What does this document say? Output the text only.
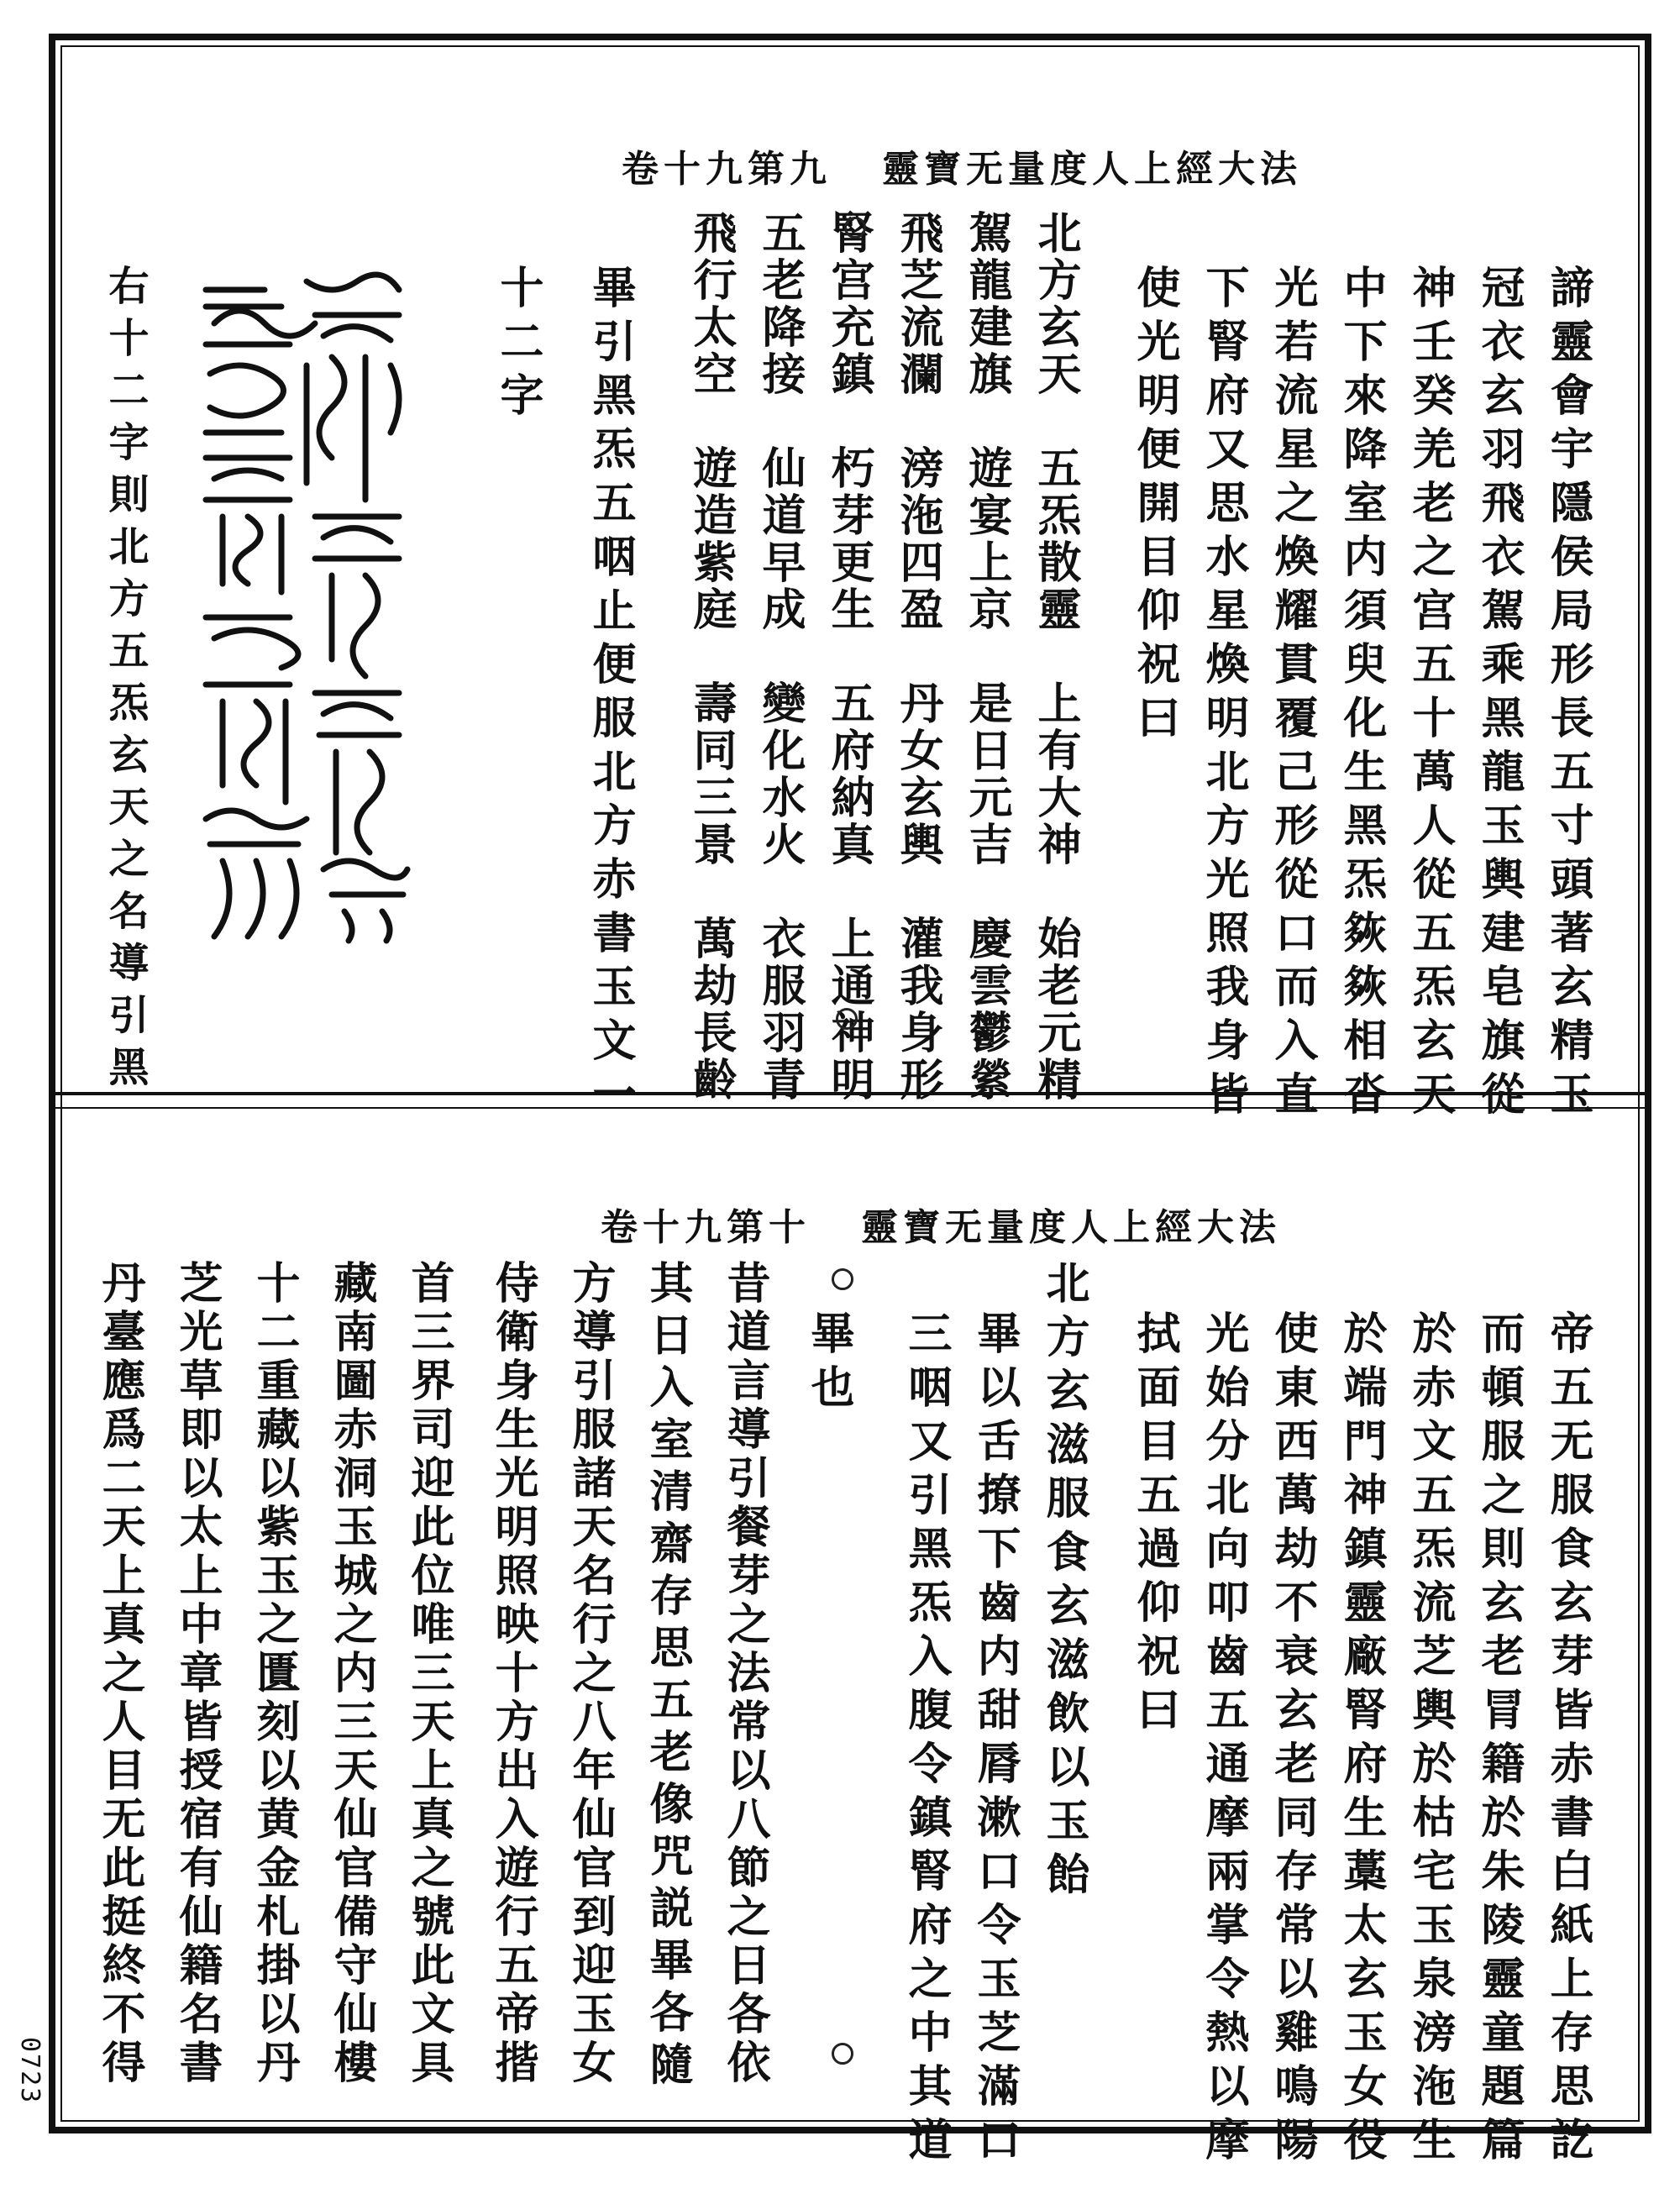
卷十九第九 靈寶无量度人上經大法
諦靈會宇隱侯局形長五寸頭著玄精玉
冠衣玄羽飛衣駕乘黑龍玉輿建皂旗從
神壬癸羌老之宫五十萬人從五炁玄天
中下來降室内須臾化生黑炁㷇㷇相沓
光若流星之煥耀貫覆己形從口而入直
下腎府又思水星煥明北方光照我身皆
使光明便開目仰祝曰
北方玄天　五炁散靈　上有大神　始老元精
駕龍建旗　遊宴上京　是日元吉　慶雲鬱縈
飛芝流瀾　滂沲四盈　丹女玄輿　灌我身形
腎宫充鎮　朽芽更生　五府納真　上通神明
五老降接　仙道早成　變化水火　衣服羽青
飛行太空　遊造紫庭　壽同三景　萬劫長齡
畢引黑炁五咽止便服北方赤書玉文一
十二字
右十二字則北方五炁玄天之名導引黑
卷十九第十 靈寶无量度人上經大法
帝五无服食玄芽皆赤書白紙上存思訖
而頓服之則玄老冐籍於朱陵靈童題篇
於赤文五炁流芝輿於枯宅玉泉滂沲生
於端門神鎮靈廠腎府生藁太玄玉女役
使東西萬劫不衰玄老同存常以雞鳴陽
光始分北向叩齒五通摩兩掌令熱以摩
拭面目五過仰祝曰
北方玄滋服食玄滋飲以玉飴
畢以舌撩下齒内甜脣漱口令玉芝滿口
三咽又引黑炁入腹令鎮腎府之中其道
畢也
昔道言導引餐芽之法常以八節之日各依
其日入室清齋存思五老像咒説畢各隨
方導引服諸天名行之八年仙官到迎玉女
侍衛身生光明照映十方出入遊行五帝揩
首三界司迎此位唯三天上真之號此文具
藏南圖赤洞玉城之内三天仙官備守仙樓
十二重藏以紫玉之匱刻以黄金札掛以丹
芝光草即以太上中章皆授宿有仙籍名書
丹臺應爲二天上真之人目无此挺終不得
0723
